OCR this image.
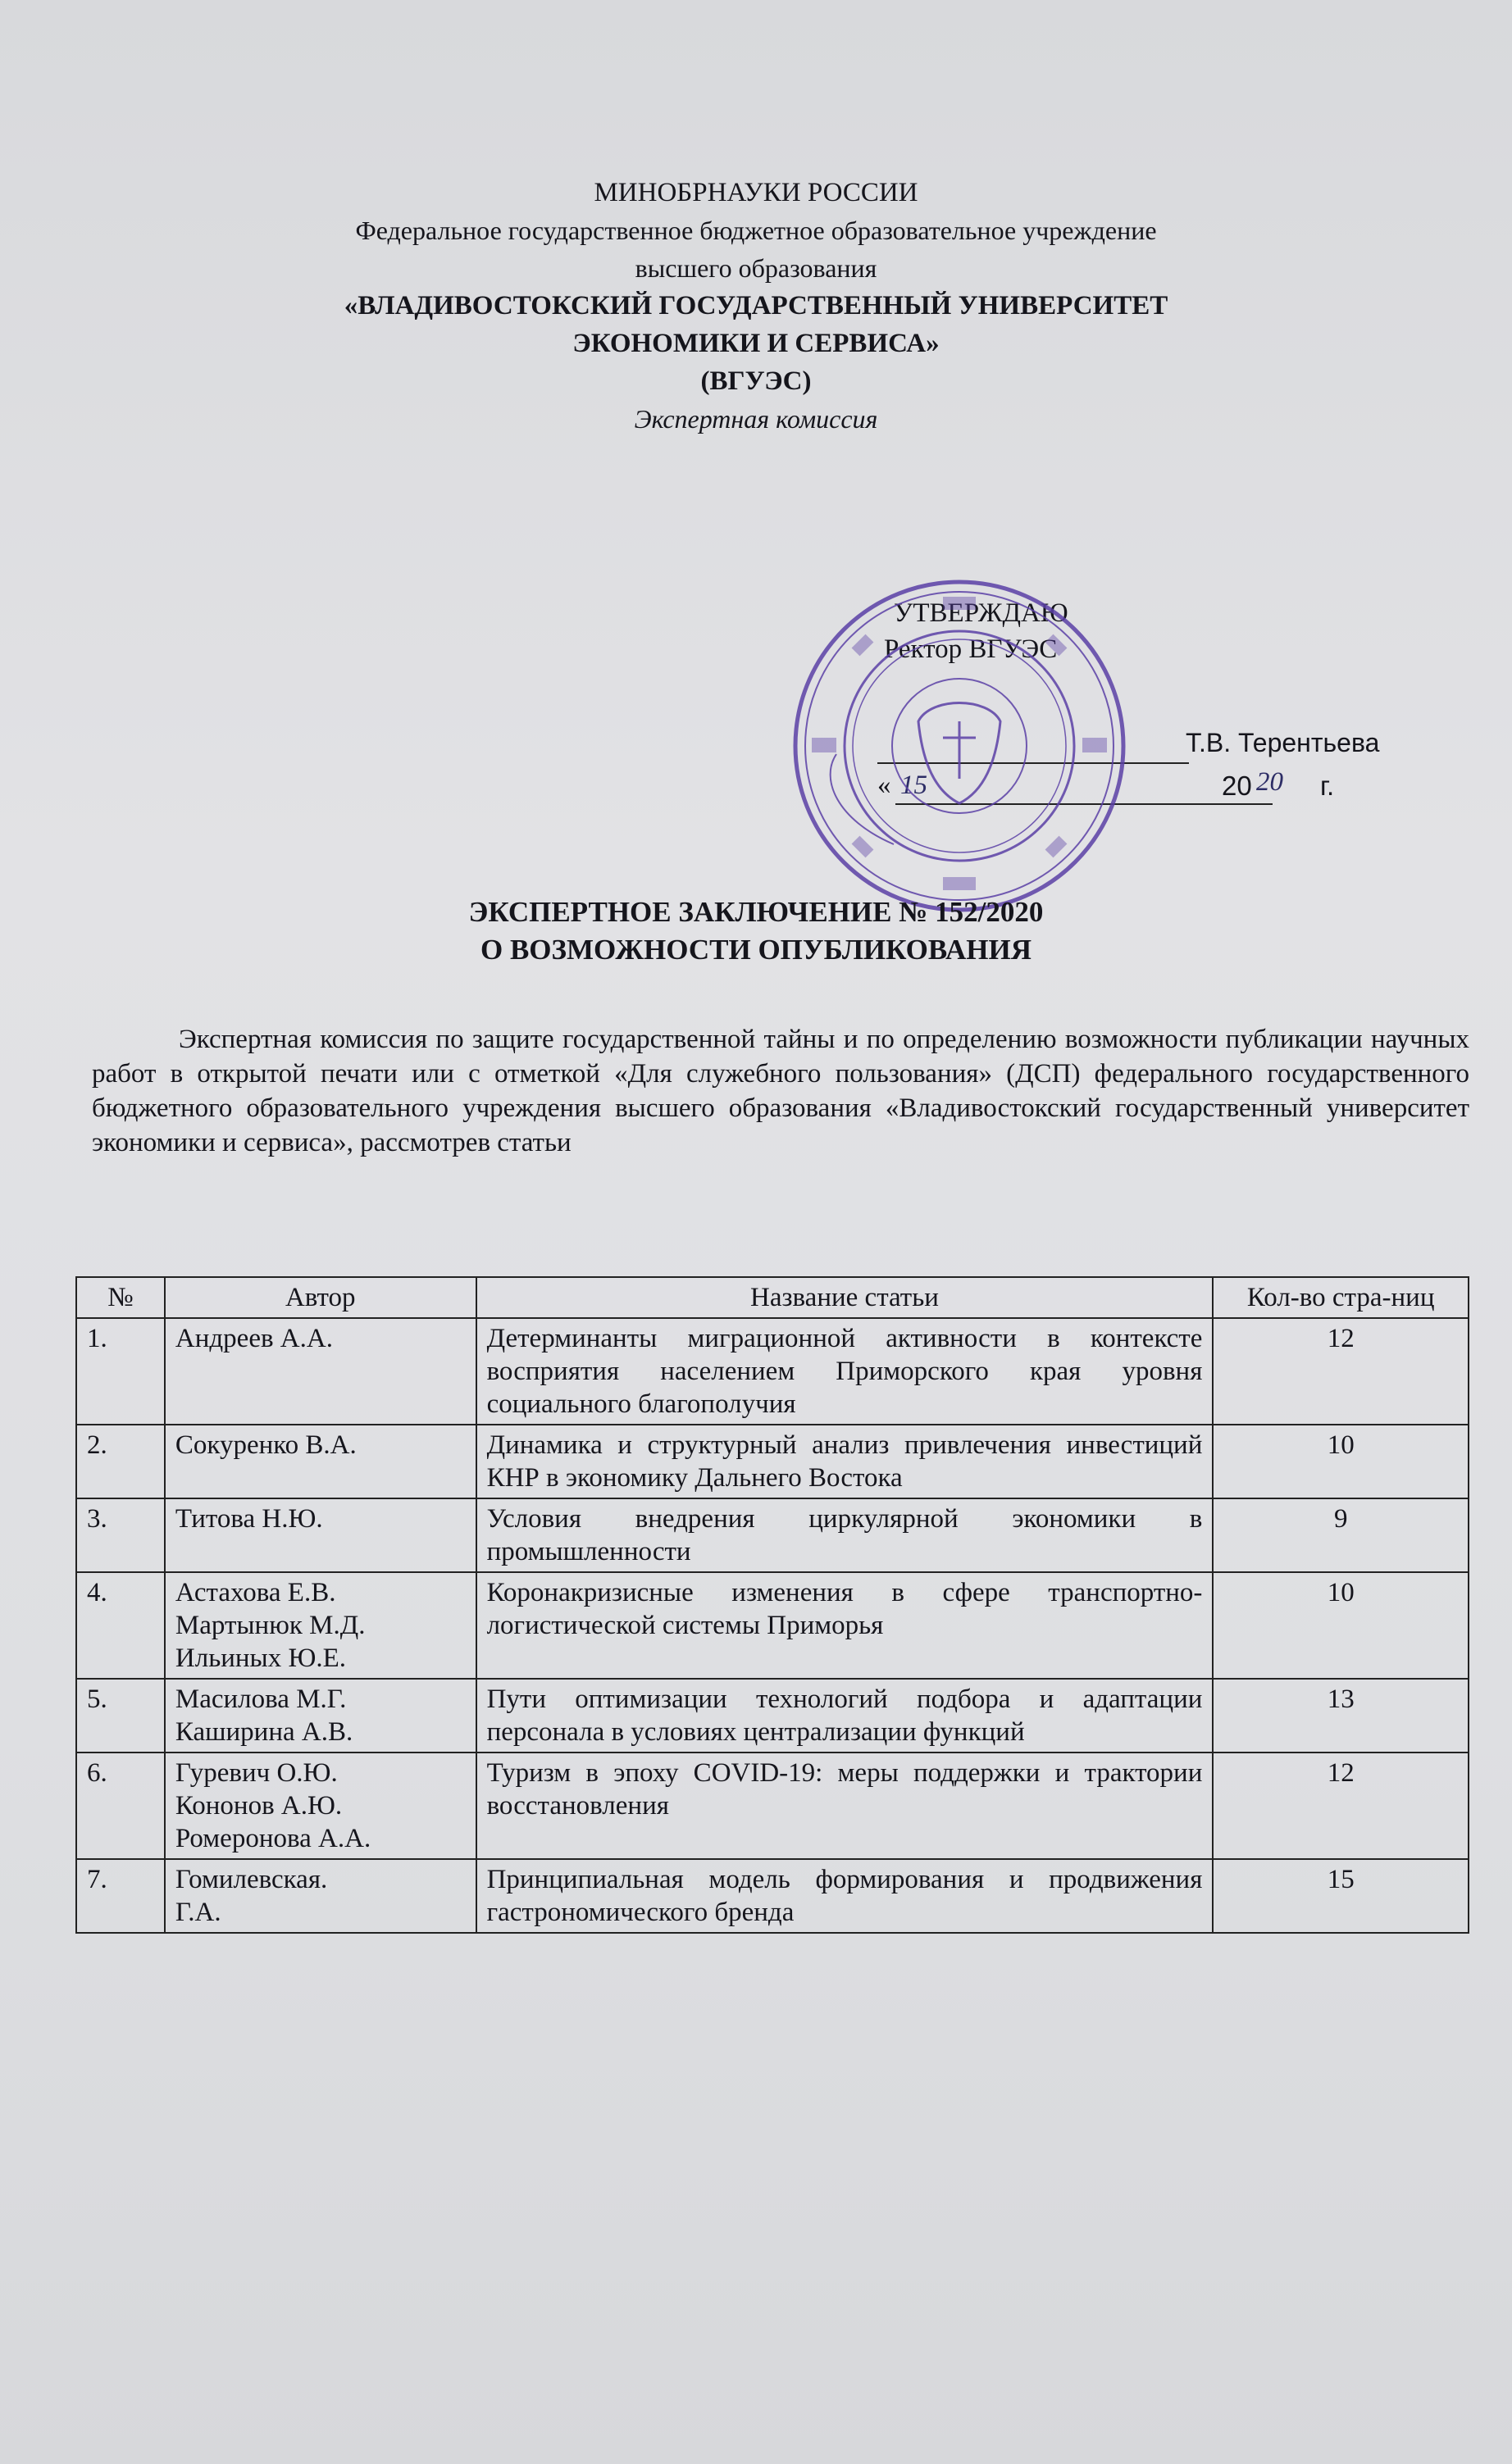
МИНОБРНАУКИ РОССИИ
Федеральное государственное бюджетное образовательное учреждение
высшего образования
«ВЛАДИВОСТОКСКИЙ ГОСУДАРСТВЕННЫЙ УНИВЕРСИТЕТ
ЭКОНОМИКИ И СЕРВИСА»
(ВГУЭС)
Экспертная комиссия
УТВЕРЖДАЮ
Ректор ВГУЭС
Т.В. Терентьева
« 15	20 20 г.
ЭКСПЕРТНОЕ ЗАКЛЮЧЕНИЕ № 152/2020
О ВОЗМОЖНОСТИ ОПУБЛИКОВАНИЯ
Экспертная комиссия по защите государственной тайны и по определению возможности публикации научных работ в открытой печати или с отметкой «Для служебного пользования» (ДСП) федерального государственного бюджетного образовательного учреждения высшего образования «Владивостокский государственный университет экономики и сервиса», рассмотрев статьи
№	Автор	Название статьи	Кол-во стра-ниц
1.	Андреев А.А.	Детерминанты миграционной активности в контексте восприятия населением Приморского края уровня социального благополучия	12
2.	Сокуренко В.А.	Динамика и структурный анализ привлечения инвестиций КНР в экономику Дальнего Востока	10
3.	Титова Н.Ю.	Условия внедрения циркулярной экономики в промышленности	9
4.	Астахова Е.В.
Мартынюк М.Д.
Ильиных Ю.Е.	Коронакризисные изменения в сфере транспортно-логистической системы Приморья	10
5.	Масилова М.Г.
Каширина А.В.	Пути оптимизации технологий подбора и адаптации персонала в условиях централизации функций	13
6.	Гуревич О.Ю.
Кононов А.Ю.
Ромеронова А.А.	Туризм в эпоху COVID-19: меры поддержки и трактории восстановления	12
7.	Гомилевская.
Г.А.	Принципиальная модель формирования и продвижения гастрономического бренда	15
